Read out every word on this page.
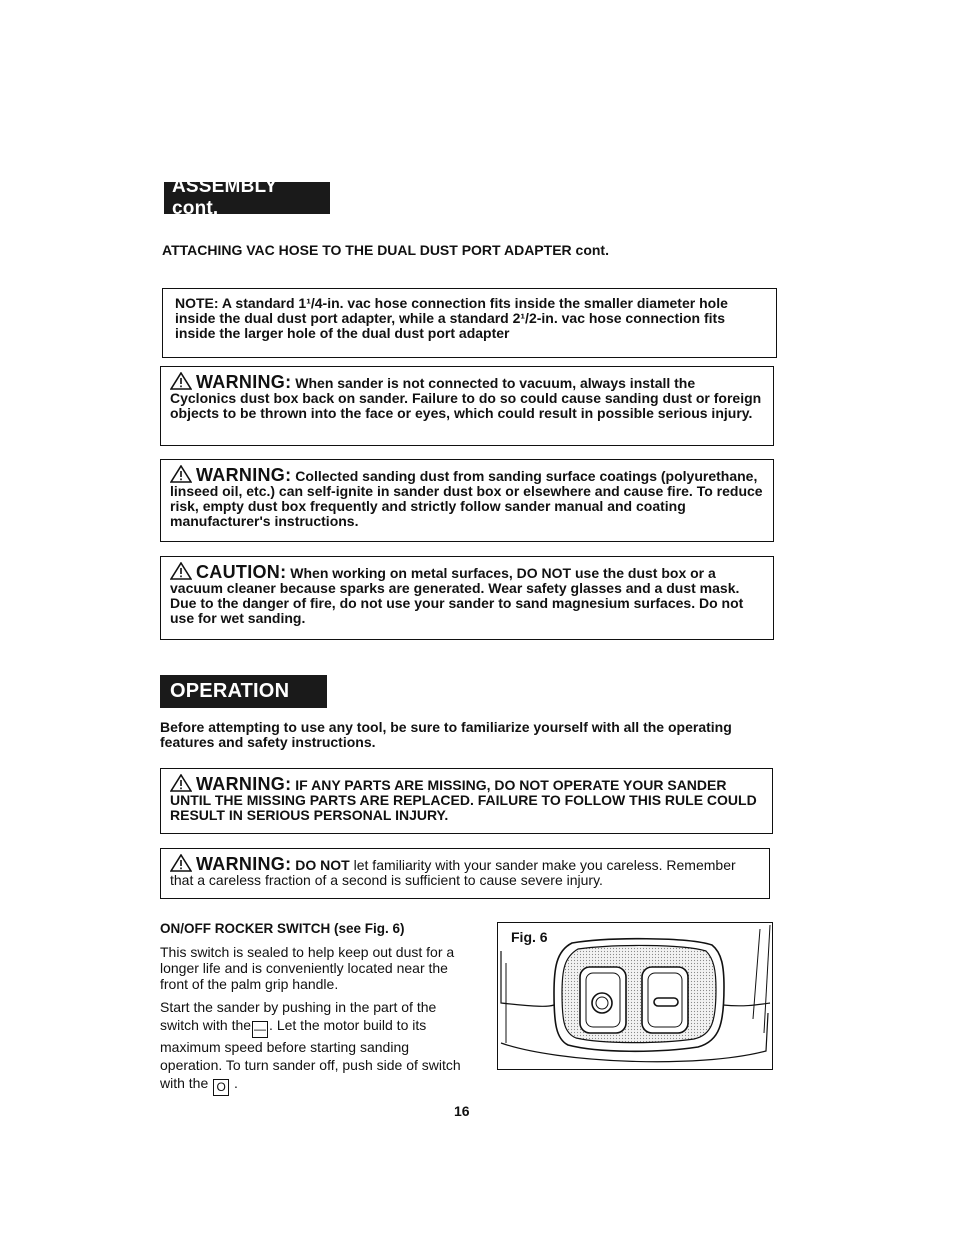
ASSEMBLY cont.
ATTACHING VAC HOSE TO THE DUAL DUST PORT ADAPTER cont.
NOTE: A standard 1¹/4-in. vac hose connection fits inside the smaller diameter hole inside the dual dust port adapter, while a standard 2¹/2-in. vac hose connection fits inside the larger hole of the dual dust port adapter
WARNING: When sander is not connected to vacuum, always install the Cyclonics dust box back on sander. Failure to do so could cause sanding dust or foreign objects to be thrown into the face or eyes, which could result in possible serious injury.
WARNING: Collected sanding dust from sanding surface coatings (polyurethane, linseed oil, etc.) can self-ignite in sander dust box or elsewhere and cause fire. To reduce risk, empty dust box frequently and strictly follow sander manual and coating manufacturer's instructions.
CAUTION: When working on metal surfaces, DO NOT use the dust box or a vacuum cleaner because sparks are generated. Wear safety glasses and a dust mask. Due to the danger of fire, do not use your sander to sand magnesium surfaces. Do not use for wet sanding.
OPERATION
Before attempting to use any tool, be sure to familiarize yourself with all the operating features and safety instructions.
WARNING: IF ANY PARTS ARE MISSING, DO NOT OPERATE YOUR SANDER UNTIL THE MISSING PARTS ARE REPLACED. FAILURE TO FOLLOW THIS RULE COULD RESULT IN SERIOUS PERSONAL INJURY.
WARNING: DO NOT let familiarity with your sander make you careless. Remember that a careless fraction of a second is sufficient to cause severe injury.
ON/OFF ROCKER SWITCH (see Fig. 6)
This switch is sealed to help keep out dust for a longer life and is conveniently located near the front of the palm grip handle.
Start the sander by pushing in the part of the switch with the — . Let the motor build to its maximum speed before starting sanding operation. To turn sander off, push side of switch with the O .
Fig. 6
16
